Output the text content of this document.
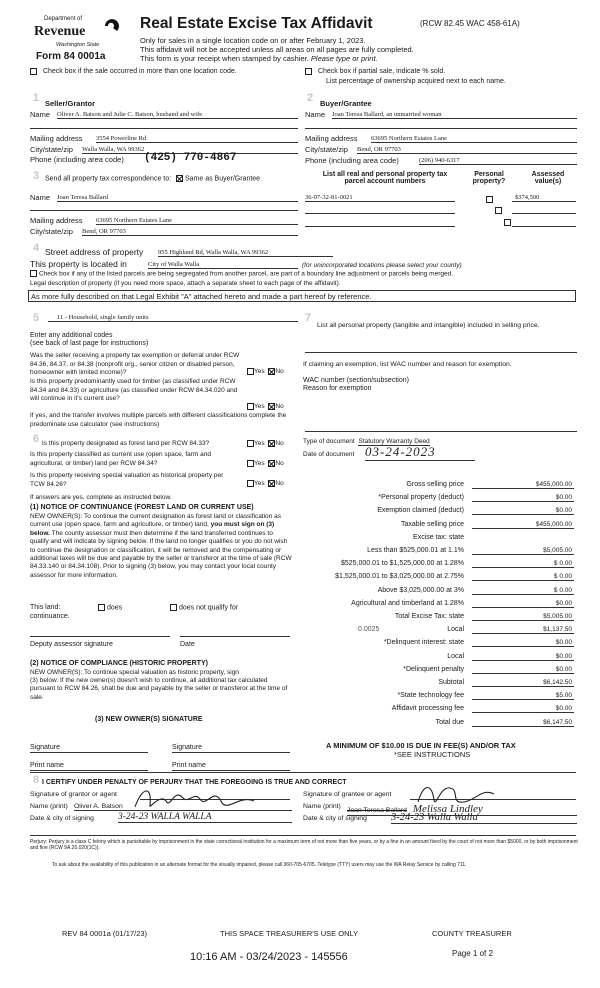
Department of
Revenue
Washington State
Form 84 0001a
Real Estate Excise Tax Affidavit	(RCW 82.45 WAC 458-61A)
Only for sales in a single location code on or after February 1, 2023.
This affidavit will not be accepted unless all areas on all pages are fully completed.
This form is your receipt when stamped by cashier. Please type or print.
Check box if the sale occurred in more than one location code.	Check box if partial sale, indicate % sold.
List percentage of ownership acquired next to each name.
1 Seller/Grantor
Name Oliver A. Batson and Julie C. Batson, husband and wife
Mailing address 3554 Powerline Rd
City/state/zip Walla Walla, WA 99362
Phone (including area code) (425) 770-4867
2 Buyer/Grantee
Name Joan Teresa Ballard, an unmarried woman
Mailing address 63695 Northern Estates Lane
City/state/zip Bend, OR 97703
Phone (including area code)	(206) 940-6317
3 Send all property tax correspondence to: Same as Buyer/Grantee
Name Joan Teresa Ballard
Mailing address 63695 Northern Estates Lane
City/state/zip Bend, OR 97703
List all real and personal property tax
parcel account numbers
Personal
property?
Assessed
value(s)
36-07-32-81-0021
	$374,500

4 Street address of property 955 Highland Rd, Walla Walla, WA 99362
This property is located in	City of Walla Walla	(for unincorporated locations please select your county)
Check box if any of the listed parcels are being segregated from another parcel, are part of a boundary line adjustment or parcels being merged.
Legal description of property (if you need more space, attach a separate sheet to each page of the affidavit).
As more fully described on that Legal Exhibit "A" attached hereto and made a part hereof by reference.
5	11 - Household, single family units
Enter any additional codes
(see back of last page for instructions)
Was the seller receiving a property tax exemption or deferral under RCW 84.36, 84.37, or 84.38 (nonprofit org., senior citizen or disabled person, homeowner with limited income)?	Yes No
Is this property predominantly used for timber (as classified under RCW 84.34 and 84.33) or agriculture (as classified under RCW 84.34.020 and will continue in it's current use?
Yes No
If yes, and the transfer involves multiple parcels with different classifications complete the predominate use calculator (see instructions)
7
List all personal property (tangible and intangible) included in selling price.
If claiming an exemption, list WAC number and reason for exemption.
WAC number (section/subsection)
Reason for exemption
6 Is this property designated as forest land per RCW 84.33?	Yes No
Is this property classified as current use (open space, farm and agricultural, or timber) land per RCW 84.34?	Yes No
Is this property receiving special valuation as historical property per TCW 84.26?	Yes No
If answers are yes, complete as instructed below.
(1) NOTICE OF CONTINUANCE (FOREST LAND OR CURRENT USE)
NEW OWNER(S): To continue the current designation as forest land or classification as current use (open space, farm and agriculture, or timber) land, you must sign on (3) below. The county assessor must then determine if the land transferred continues to qualify and will indicate by signing below. If the land no longer qualifies or you do not wish to continue the designation or classification, it will be removed and the compensating or additional taxes will be due and payable by the seller or transferor at the time of sale (RCW 84.33.140 or 84.34.108). Prior to signing (3) below, you may contact your local county assessor for more information.
This land:	does	does not qualify for
continuance.
Deputy assessor signature	Date
(2) NOTICE OF COMPLIANCE (HISTORIC PROPERTY)
NEW OWNER(S): To continue special valuation as historic property, sign
(3) below. If the new owner(s) doesn't wish to continue, all additional tax calculated pursuant to RCW 84.26, shall be due and payable by the seller or transferor at the time of sale.
(3) NEW OWNER(S) SIGNATURE
Signature	Signature
Print name	Print name
Type of document Statutory Warranty Deed
Date of document 03-24-2023
Gross selling price	$455,000.00
*Personal property (deduct)	$0.00
Exemption claimed (deduct)	$0.00
Taxable selling price	$455,000.00
Excise tax: state
Less than $525,000.01 at 1.1%	$5,005.00
$525,000.01 to $1,525,000.00 at 1.28%	$ 0.00
$1,525,000.01 to $3,025,000.00 at 2.75%	$ 0.00
Above $3,025,000.00 at 3%	$ 0.00
Agricultural and timberland at 1.28%	$0.00
Total Excise Tax: state	$5,005.00
Local
0.0025	$1,137.50
*Delinquent interest: state	$0.00
Local	$0.00
*Delinquent penalty	$0.00
Subtotal	$6,142.50
*State technology fee	$5.00
Affidavit processing fee	$0.00
Total due	$6,147.50
A MINIMUM OF $10.00 IS DUE IN FEE(S) AND/OR TAX
*SEE INSTRUCTIONS
8 I CERTIFY UNDER PENALTY OF PERJURY THAT THE FOREGOING IS TRUE AND CORRECT
Signature of grantor or agent
Name (print) Oliver A. Batson
Date & city of signing	3-24-23 WALLA WALLA
Signature of grantee or agent
Name (print)
Joan Teresa Ballard Melissa Lindley
Date & city of signing 3-24-23 Walla Walla
Perjury: Perjury is a class C felony which is punishable by imprisonment in the state correctional institution for a maximum term of not more than five years, or by a fine in an amount fixed by the court of not more than $5000, or by both imprisonment and fine (RCW 9A.20.020(1C)).
To ask about the availability of this publication in an alternate format for the visually impaired, please call 360-705-6705. Teletype (TTY) users may use the WA Relay Service by calling 711.
REV 84 0001a (01/17/23)	THIS SPACE TREASURER'S USE ONLY	COUNTY TREASURER
10:16 AM - 03/24/2023 - 145556	Page 1 of 2
